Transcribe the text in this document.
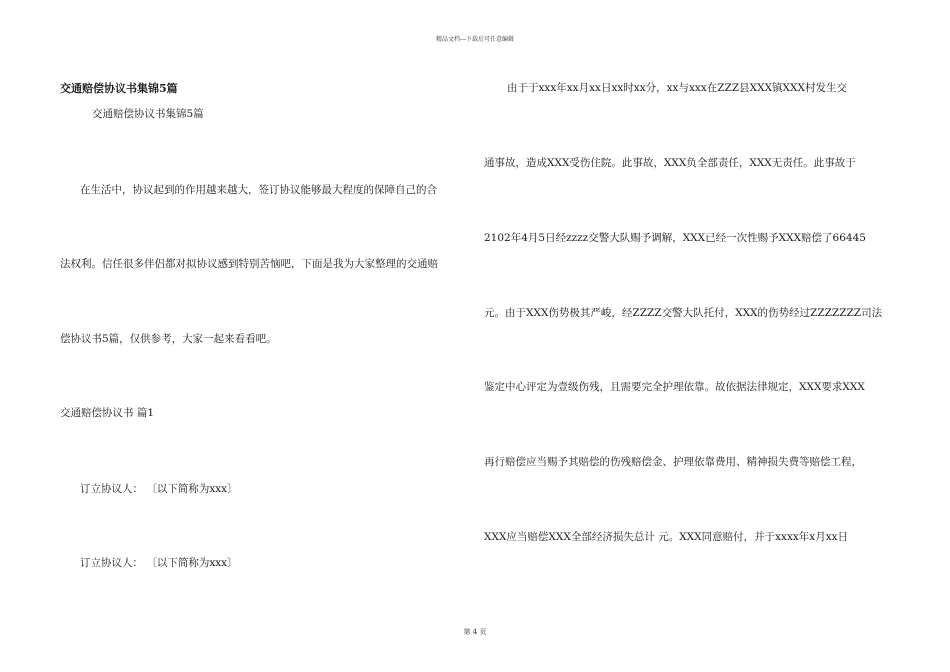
精品文档---下载后可任意编辑
交通赔偿协议书集锦5篇
交通赔偿协议书集锦5篇
在生活中，协议起到的作用越来越大，签订协议能够最大程度的保障自己的合
法权利。信任很多伴侣都对拟协议感到特别苦恼吧，下面是我为大家整理的交通赔
偿协议书5篇，仅供参考，大家一起来看看吧。
交通赔偿协议书 篇1
订立协议人： 〔以下简称为xxx〕
订立协议人： 〔以下简称为xxx〕
由于于xxx年xx月xx日xx时xx分，xx与xxx在ZZZ县XXX镇XXX村发生交
通事故，造成XXX受伤住院。此事故，XXX负全部责任，XXX无责任。此事故于
2102年4月5日经zzzz交警大队赐予调解，XXX已经一次性赐予XXX赔偿了66445
元。由于XXX伤势极其严峻，经ZZZZ交警大队托付，XXX的伤势经过ZZZZZZZ司法
鉴定中心评定为壹级伤残，且需要完全护理依靠。故依据法律规定，XXX要求XXX
再行赔偿应当赐予其赔偿的伤残赔偿金、护理依靠费用、精神损失费等赔偿工程，
XXX应当赔偿XXX全部经济损失总计 元。XXX同意赔付，并于xxxx年x月xx日
第 4 页
